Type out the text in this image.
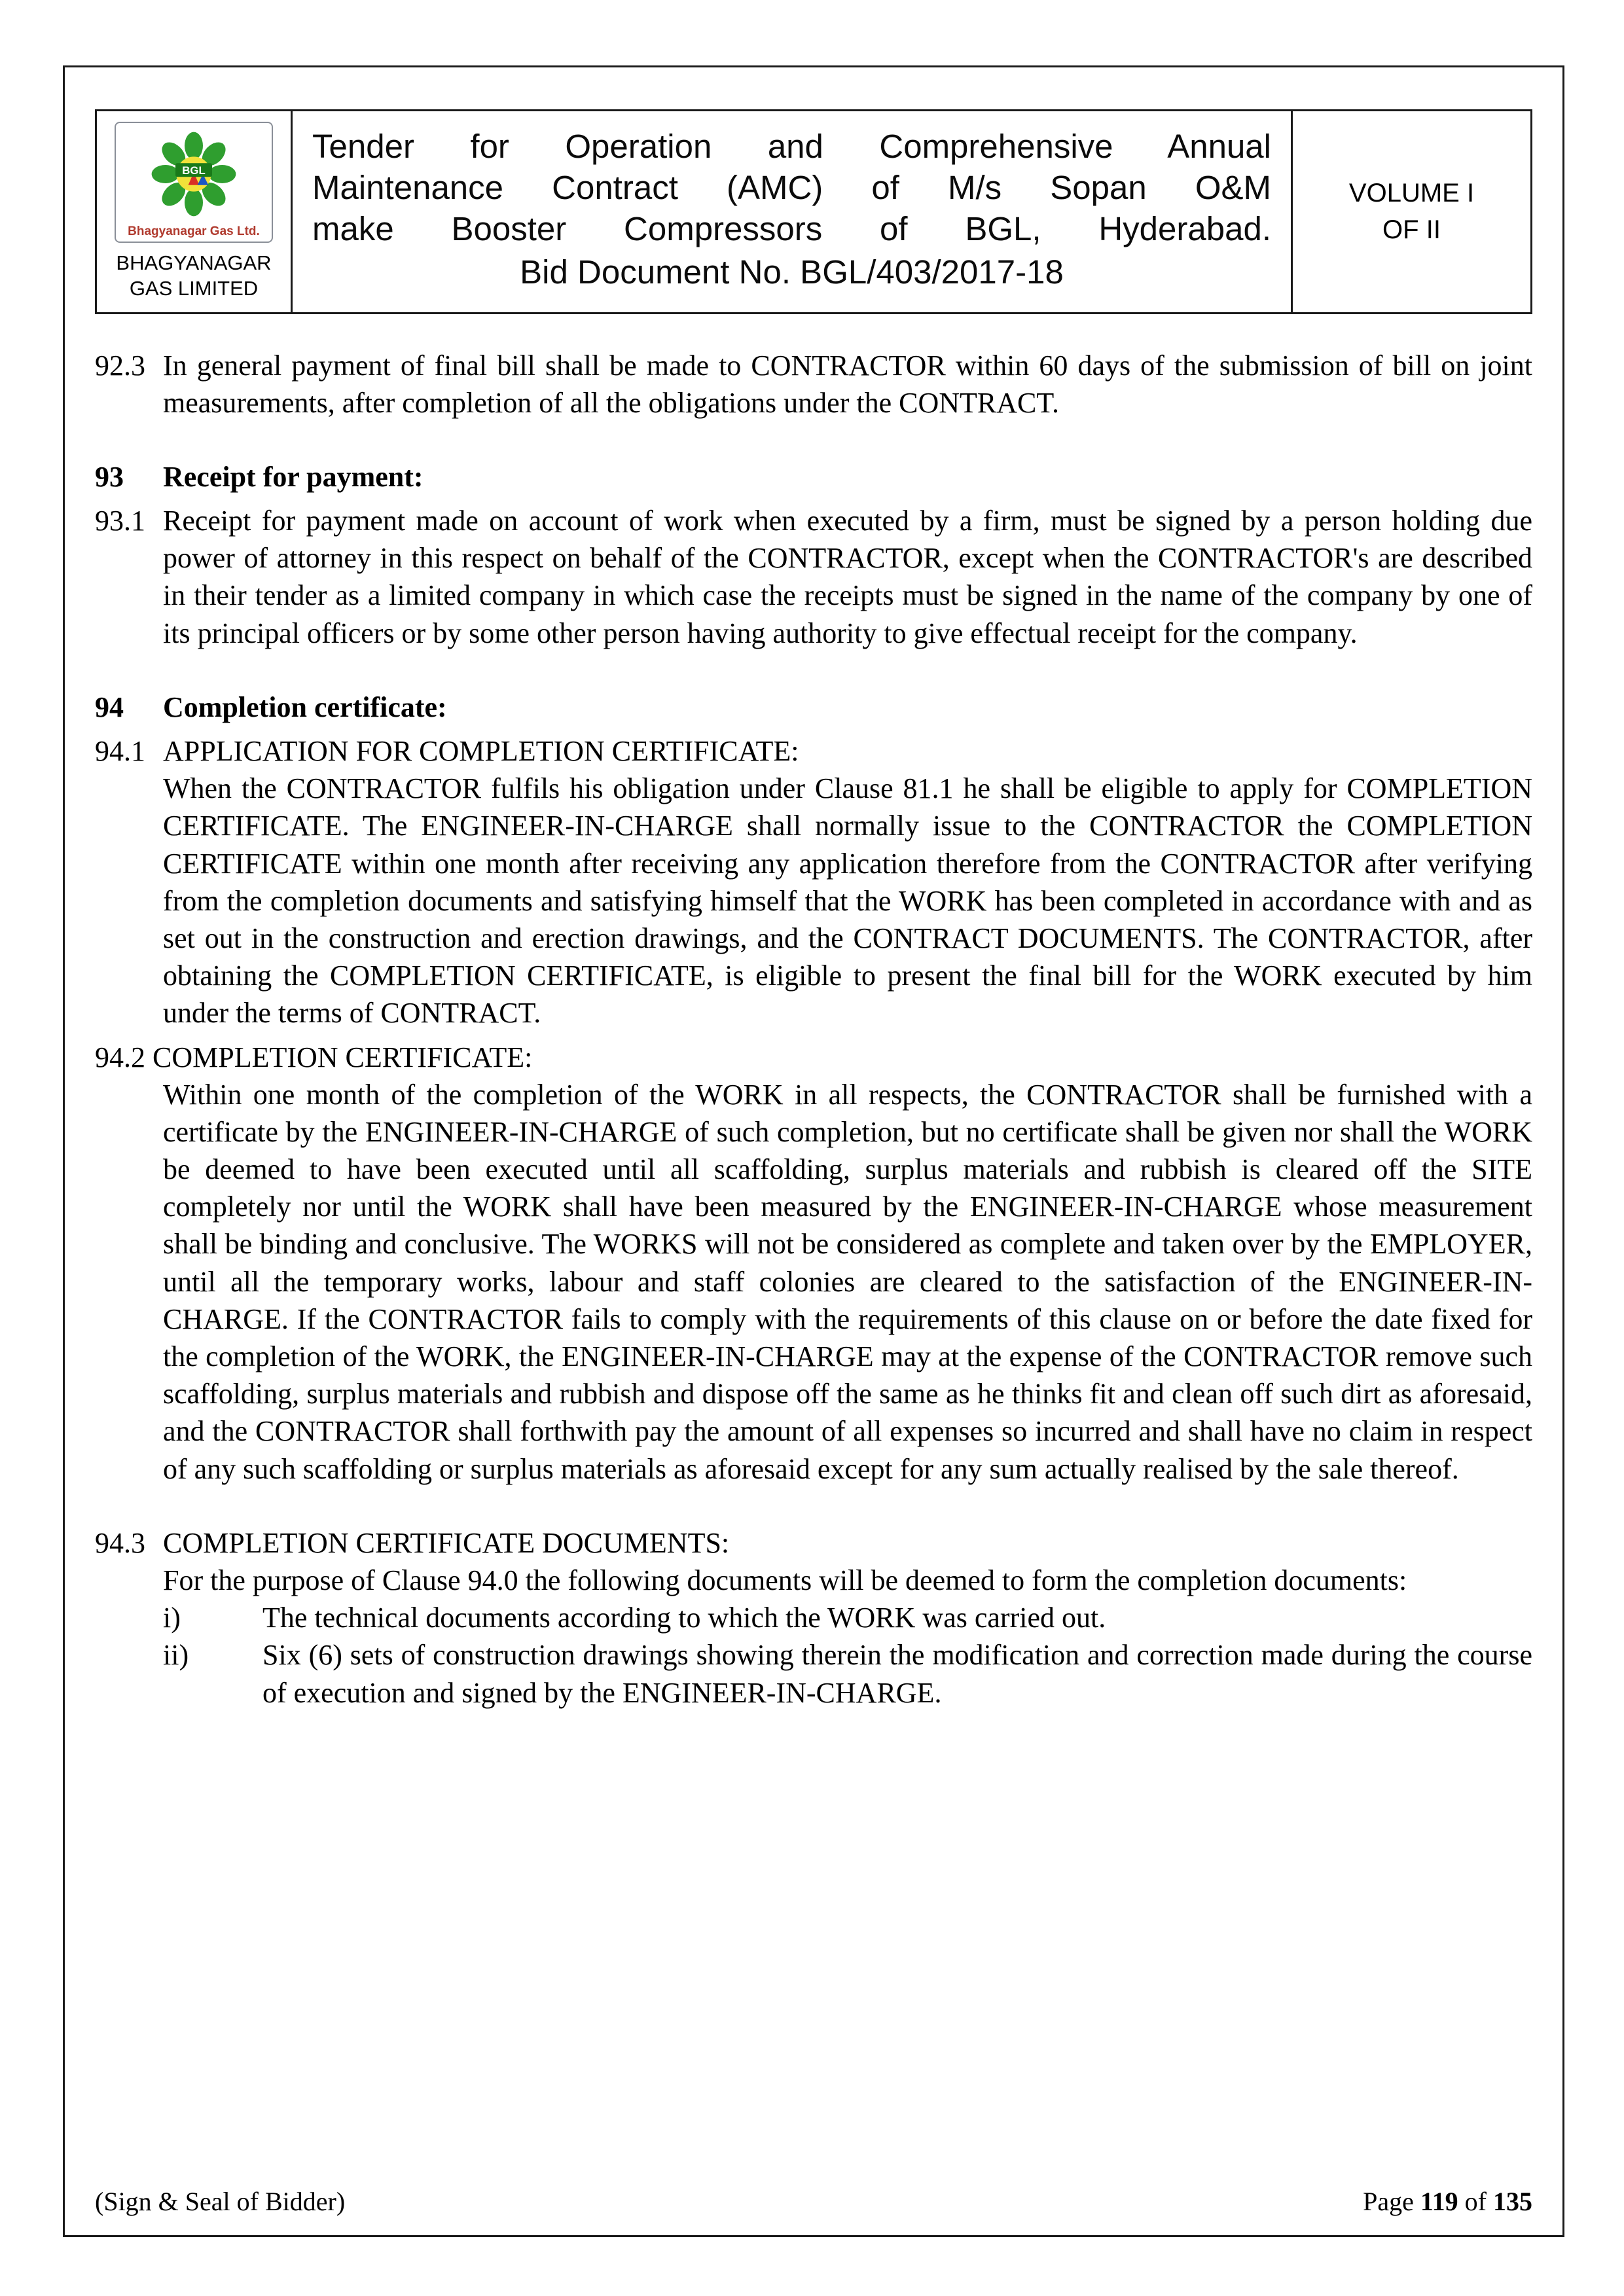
BGL
Bhagyanagar Gas Ltd.
BHAGYANAGAR GAS LIMITED
Tender for Operation and Comprehensive Annual
Maintenance Contract (AMC) of M/s Sopan O&M
make Booster Compressors of BGL, Hyderabad.
Bid Document No. BGL/403/2017-18
VOLUME I
OF II
92.3 In general payment of final bill shall be made to CONTRACTOR within 60 days of the submission of bill on joint measurements, after completion of all the obligations under the CONTRACT.
93	Receipt for payment:
93.1 Receipt for payment made on account of work when executed by a firm, must be signed by a person holding due power of attorney in this respect on behalf of the CONTRACTOR, except when the CONTRACTOR's are described in their tender as a limited company in which case the receipts must be signed in the name of the company by one of its principal officers or by some other person having authority to give effectual receipt for the company.
94	Completion certificate:
94.1 APPLICATION FOR COMPLETION CERTIFICATE:
When the CONTRACTOR fulfils his obligation under Clause 81.1 he shall be eligible to apply for COMPLETION CERTIFICATE. The ENGINEER-IN-CHARGE shall normally issue to the CONTRACTOR the COMPLETION CERTIFICATE within one month after receiving any application therefore from the CONTRACTOR after verifying from the completion documents and satisfying himself that the WORK has been completed in accordance with and as set out in the construction and erection drawings, and the CONTRACT DOCUMENTS. The CONTRACTOR, after obtaining the COMPLETION CERTIFICATE, is eligible to present the final bill for the WORK executed by him under the terms of CONTRACT.
94.2 COMPLETION CERTIFICATE:
Within one month of the completion of the WORK in all respects, the CONTRACTOR shall be furnished with a certificate by the ENGINEER-IN-CHARGE of such completion, but no certificate shall be given nor shall the WORK be deemed to have been executed until all scaffolding, surplus materials and rubbish is cleared off the SITE completely nor until the WORK shall have been measured by the ENGINEER-IN-CHARGE whose measurement shall be binding and conclusive. The WORKS will not be considered as complete and taken over by the EMPLOYER, until all the temporary works, labour and staff colonies are cleared to the satisfaction of the ENGINEER-IN-CHARGE. If the CONTRACTOR fails to comply with the requirements of this clause on or before the date fixed for the completion of the WORK, the ENGINEER-IN-CHARGE may at the expense of the CONTRACTOR remove such scaffolding, surplus materials and rubbish and dispose off the same as he thinks fit and clean off such dirt as aforesaid, and the CONTRACTOR shall forthwith pay the amount of all expenses so incurred and shall have no claim in respect of any such scaffolding or surplus materials as aforesaid except for any sum actually realised by the sale thereof.
94.3 COMPLETION CERTIFICATE DOCUMENTS:
For the purpose of Clause 94.0 the following documents will be deemed to form the completion documents:
i)	The technical documents according to which the WORK was carried out.
ii)	Six (6) sets of construction drawings showing therein the modification and correction made during the course of execution and signed by the ENGINEER-IN-CHARGE.
(Sign & Seal of Bidder)	Page 119 of 135
